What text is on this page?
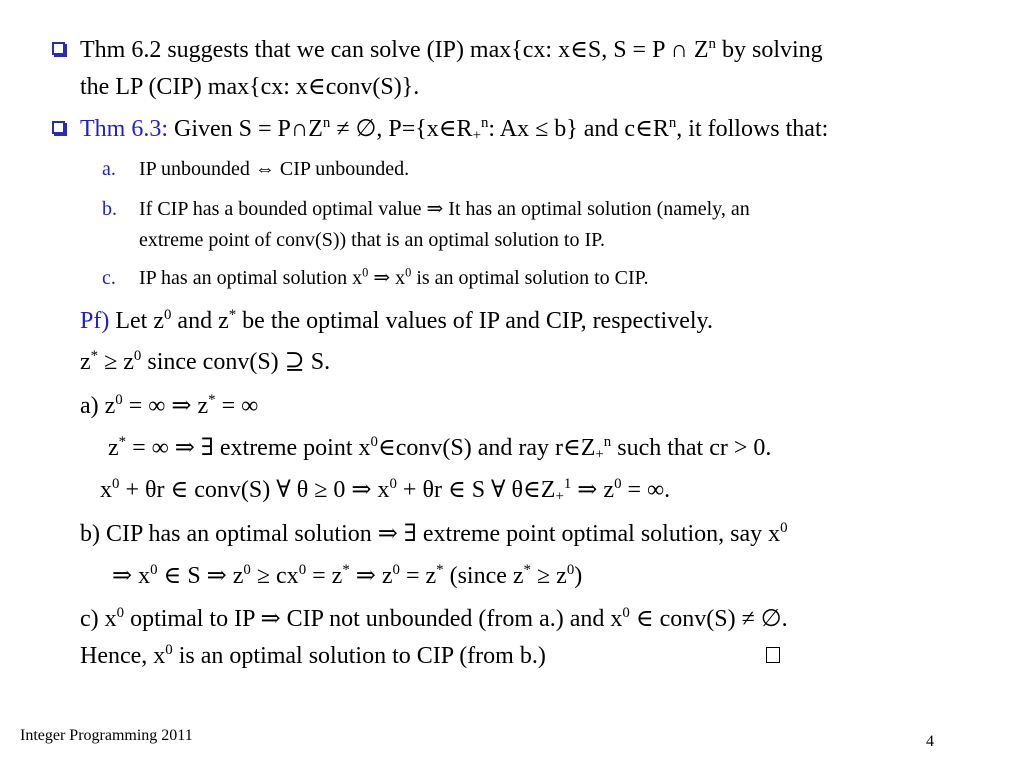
Thm 6.2 suggests that we can solve (IP) max{cx: x∈S, S = P ∩ $Z^n$ by solving
the LP (CIP) max{cx: x∈conv(S)}.
Thm 6.3: Given $S = P\cap Z^n$ ≠ ∅, $P=\{x\in R_+^n$: Ax ≤ b} and $c\in R^n$, it follows that:
a. IP unbounded ⇔ CIP unbounded.
b. If CIP has a bounded optimal value ⇒ It has an optimal solution (namely, an
extreme point of conv(S)) that is an optimal solution to IP.
c. IP has an optimal solution $x^0$ ⇒ $x^0$ is an optimal solution to CIP.
Pf) Let $z^0$ and z* be the optimal values of IP and CIP, respectively.
$z^* \ge z^0$ since conv(S) ⊇ S.
a) $z^0$ = ∞ ⇒ z* = ∞
z* = ∞ ⇒ ∃ extreme point $x^0\in conv(S)$ and ray $r\in Z_+^n$ such that cr > 0.
$x^0 + \theta r$ ∈ conv(S) ∀ θ ≥ 0 ⇒ $x^0 + \theta r$ ∈ S ∀ $\theta\in Z_+^1$ ⇒ $z^0$ = ∞.
b) CIP has an optimal solution ⇒ ∃ extreme point optimal solution, say $x^0$
⇒ $x^0$ ∈ S ⇒ $z^0 \ge cx^0 = z^*$ ⇒ $z^0 = z^*$ (since $z^* \ge z^0$)
c) $x^0$ optimal to IP ⇒ CIP not unbounded (from a.) and $x^0$ ∈ conv(S) ≠ ∅.
Hence, $x^0$ is an optimal solution to CIP (from b.)
Integer Programming 2011	4
